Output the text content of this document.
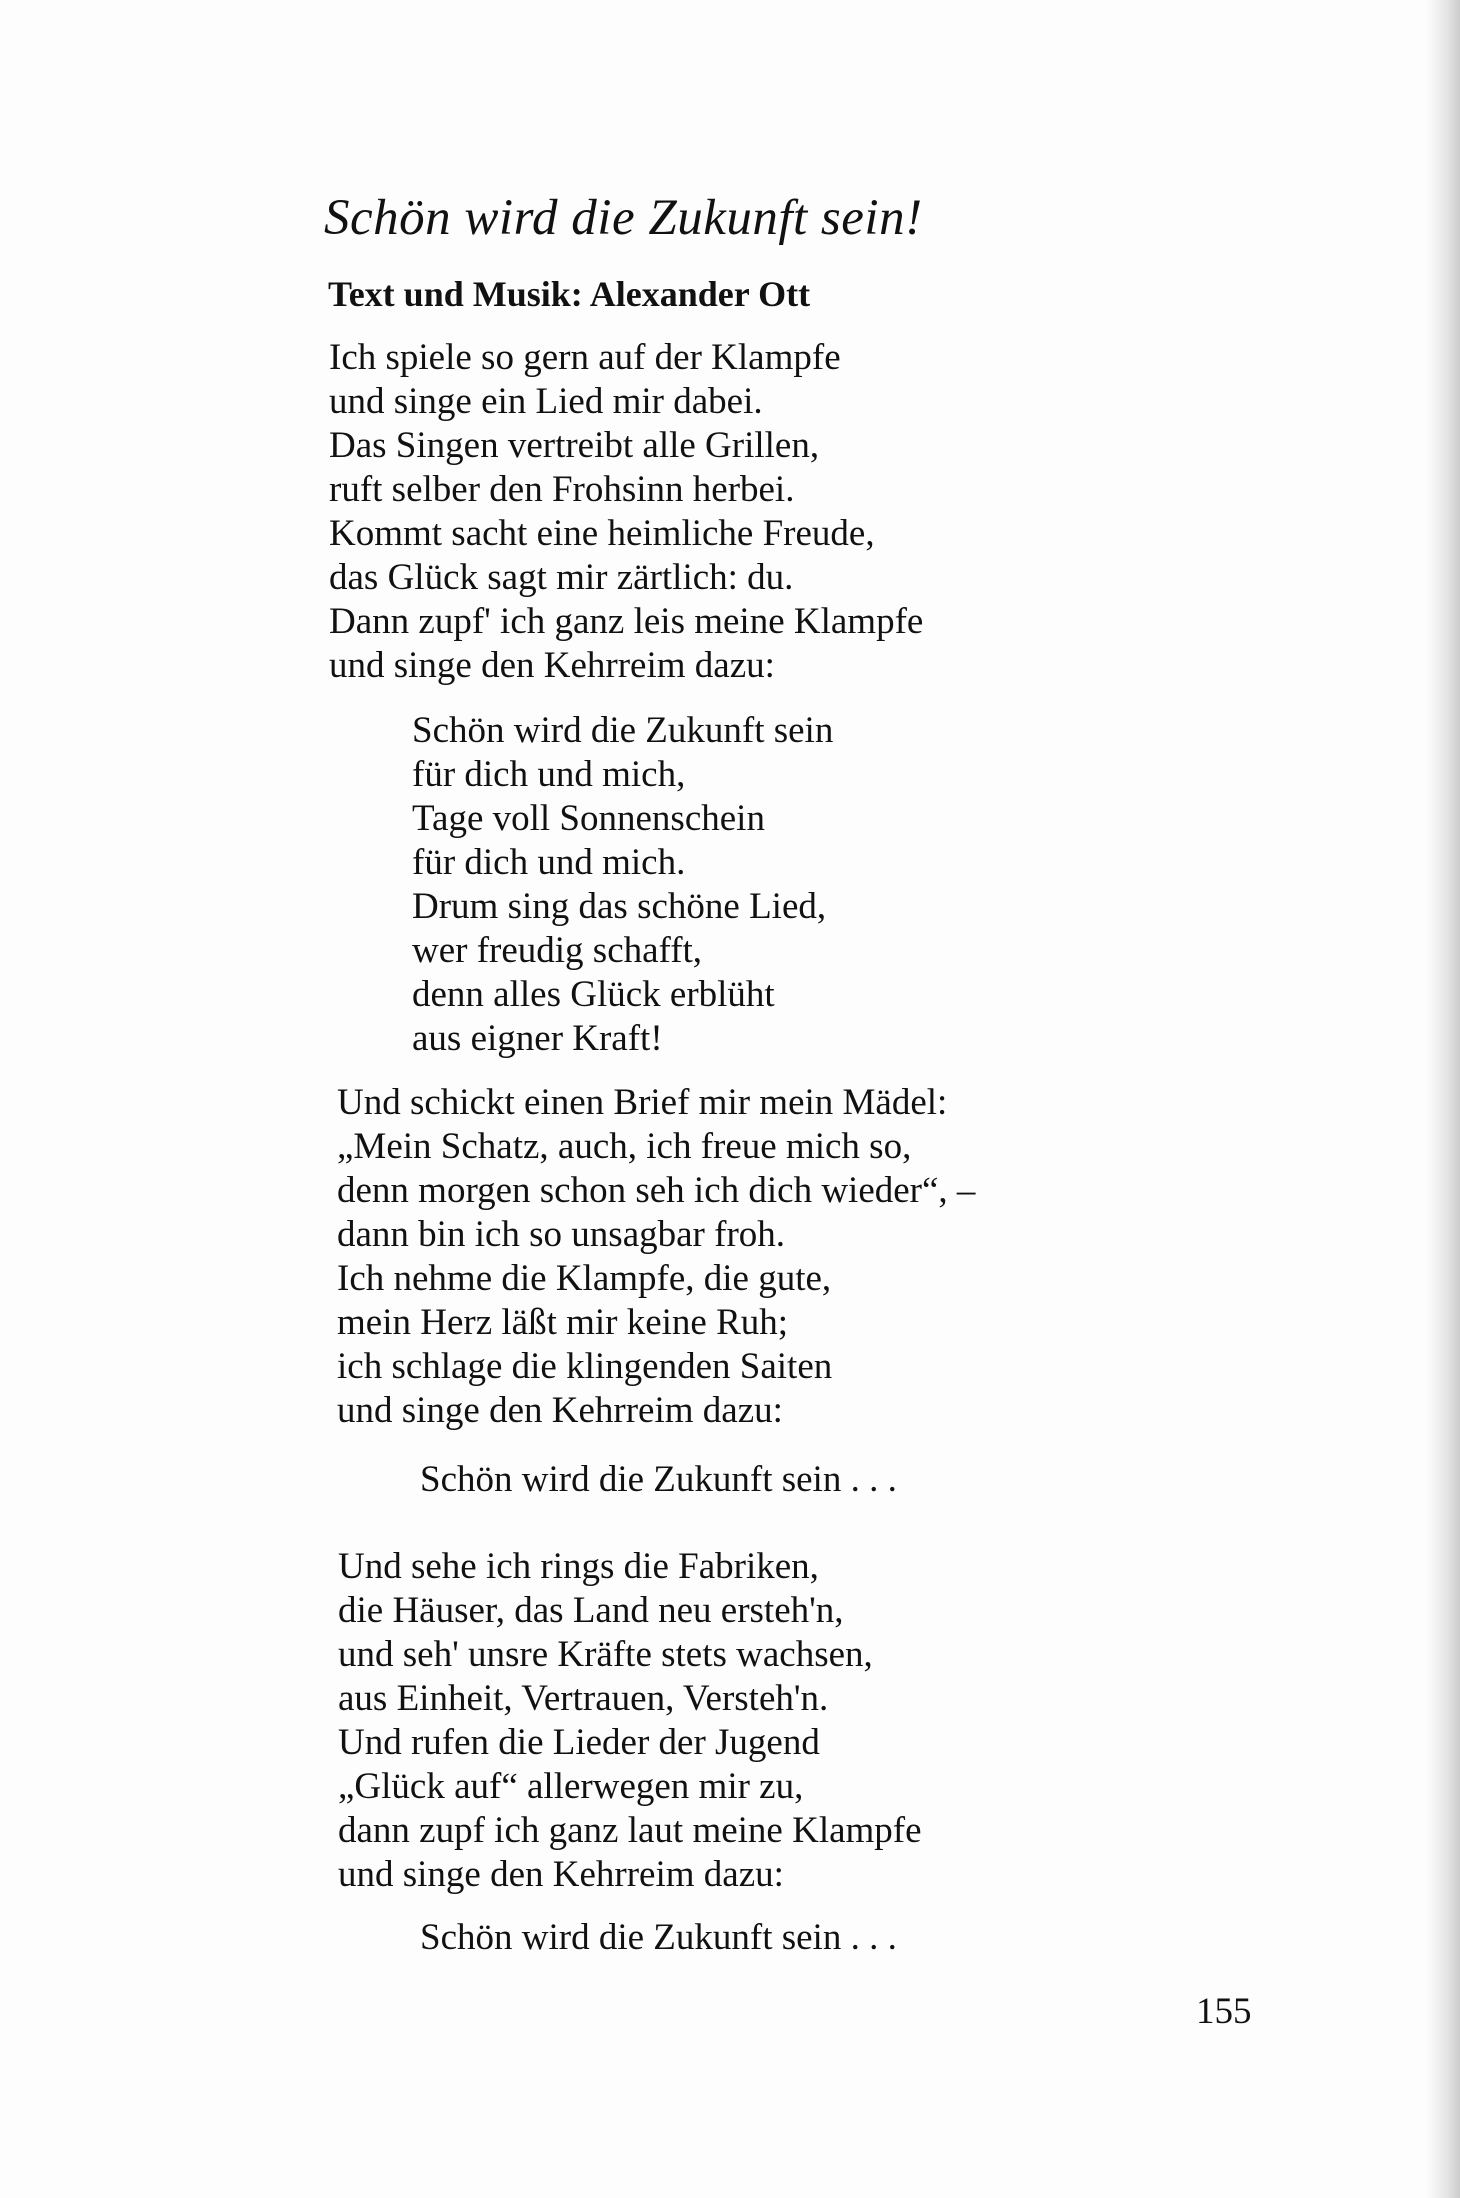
Schön wird die Zukunft sein!
Text und Musik: Alexander Ott
Ich spiele so gern auf der Klampfe
und singe ein Lied mir dabei.
Das Singen vertreibt alle Grillen,
ruft selber den Frohsinn herbei.
Kommt sacht eine heimliche Freude,
das Glück sagt mir zärtlich: du.
Dann zupf' ich ganz leis meine Klampfe
und singe den Kehrreim dazu:
Schön wird die Zukunft sein
für dich und mich,
Tage voll Sonnenschein
für dich und mich.
Drum sing das schöne Lied,
wer freudig schafft,
denn alles Glück erblüht
aus eigner Kraft!
Und schickt einen Brief mir mein Mädel:
„Mein Schatz, auch, ich freue mich so,
denn morgen schon seh ich dich wieder“, –
dann bin ich so unsagbar froh.
Ich nehme die Klampfe, die gute,
mein Herz läßt mir keine Ruh;
ich schlage die klingenden Saiten
und singe den Kehrreim dazu:
Schön wird die Zukunft sein . . .
Und sehe ich rings die Fabriken,
die Häuser, das Land neu ersteh'n,
und seh' unsre Kräfte stets wachsen,
aus Einheit, Vertrauen, Versteh'n.
Und rufen die Lieder der Jugend
„Glück auf“ allerwegen mir zu,
dann zupf ich ganz laut meine Klampfe
und singe den Kehrreim dazu:
Schön wird die Zukunft sein . . .
155
